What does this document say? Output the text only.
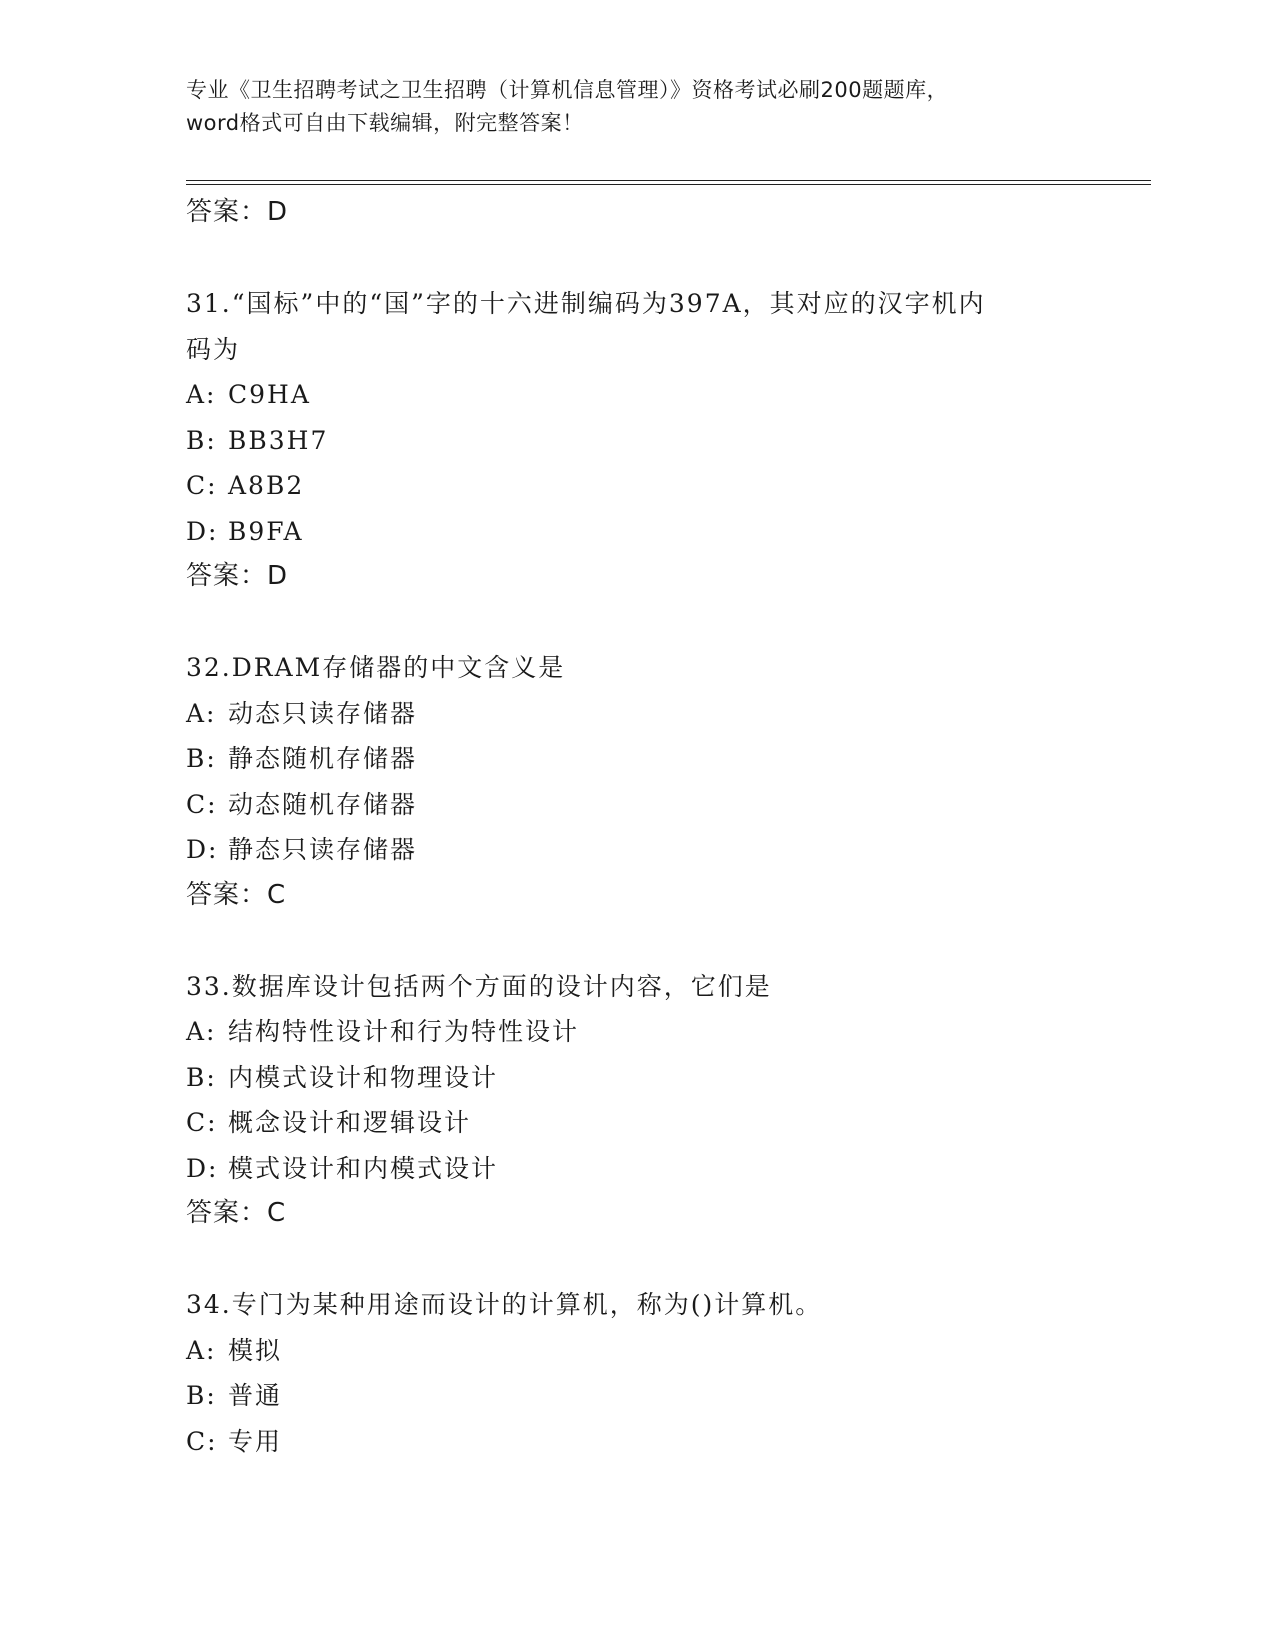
专业《卫生招聘考试之卫生招聘（计算机信息管理）》资格考试必刷200题题库，
word格式可自由下载编辑，附完整答案！
答案：D
31.“国标”中的“国”字的十六进制编码为397A，其对应的汉字机内
码为
A: C9HA
B: BB3H7
C: A8B2
D: B9FA
答案：D
32.DRAM存储器的中文含义是
A: 动态只读存储器
B: 静态随机存储器
C: 动态随机存储器
D: 静态只读存储器
答案：C
33.数据库设计包括两个方面的设计内容，它们是
A: 结构特性设计和行为特性设计
B: 内模式设计和物理设计
C: 概念设计和逻辑设计
D: 模式设计和内模式设计
答案：C
34.专门为某种用途而设计的计算机，称为()计算机。
A: 模拟
B: 普通
C: 专用
